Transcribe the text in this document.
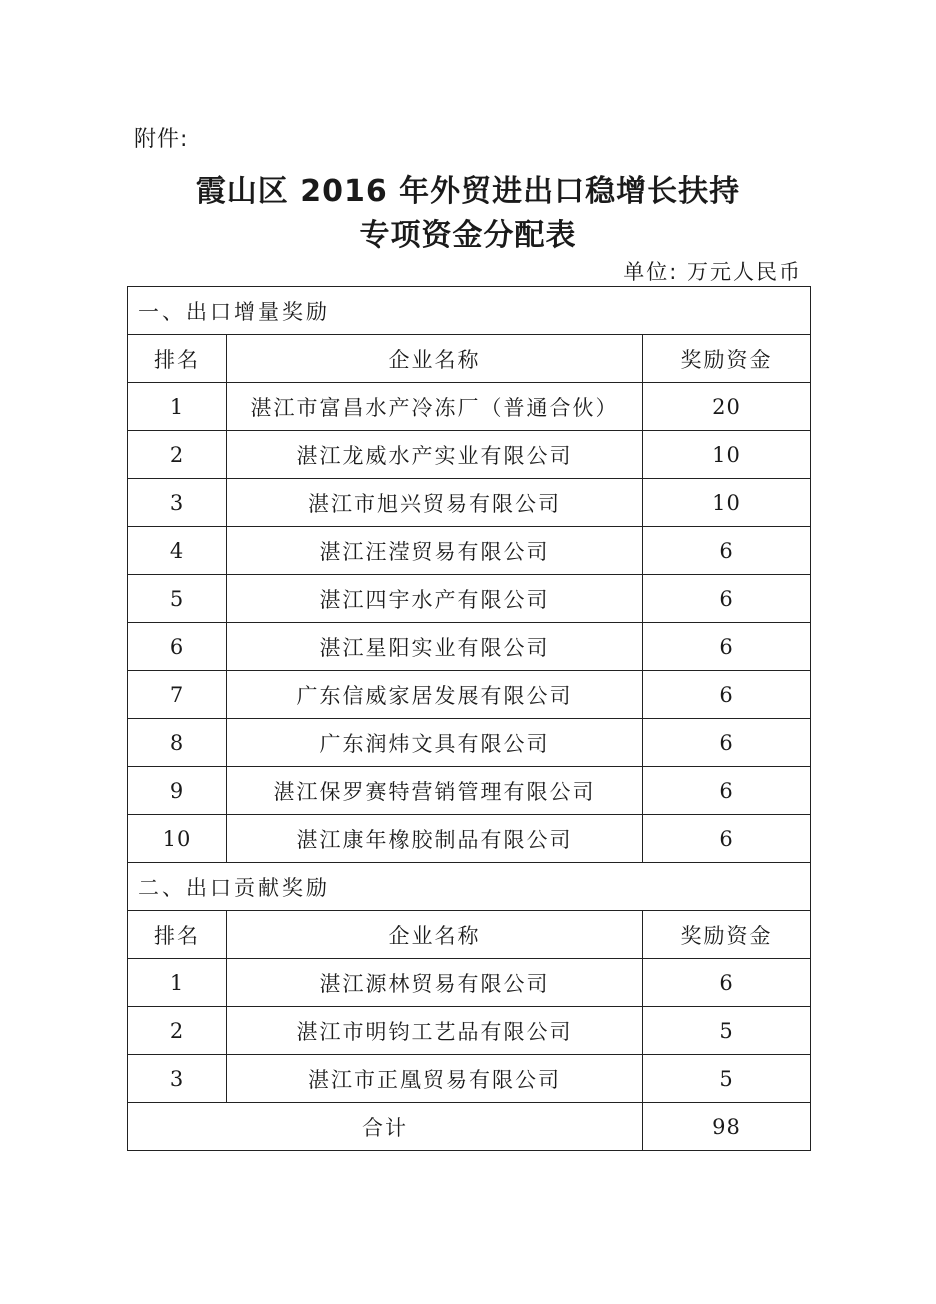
附件:
霞山区 2016 年外贸进出口稳增长扶持
专项资金分配表
单位: 万元人民币
一、出口增量奖励		
排名	企业名称	奖励资金
1	湛江市富昌水产冷冻厂（普通合伙）	20
2	湛江龙威水产实业有限公司	10
3	湛江市旭兴贸易有限公司	10
4	湛江汪滢贸易有限公司	6
5	湛江四宇水产有限公司	6
6	湛江星阳实业有限公司	6
7	广东信威家居发展有限公司	6
8	广东润炜文具有限公司	6
9	湛江保罗赛特营销管理有限公司	6
10	湛江康年橡胶制品有限公司	6
二、出口贡献奖励		
排名	企业名称	奖励资金
1	湛江源林贸易有限公司	6
2	湛江市明钧工艺品有限公司	5
3	湛江市正凰贸易有限公司	5
合计		98
